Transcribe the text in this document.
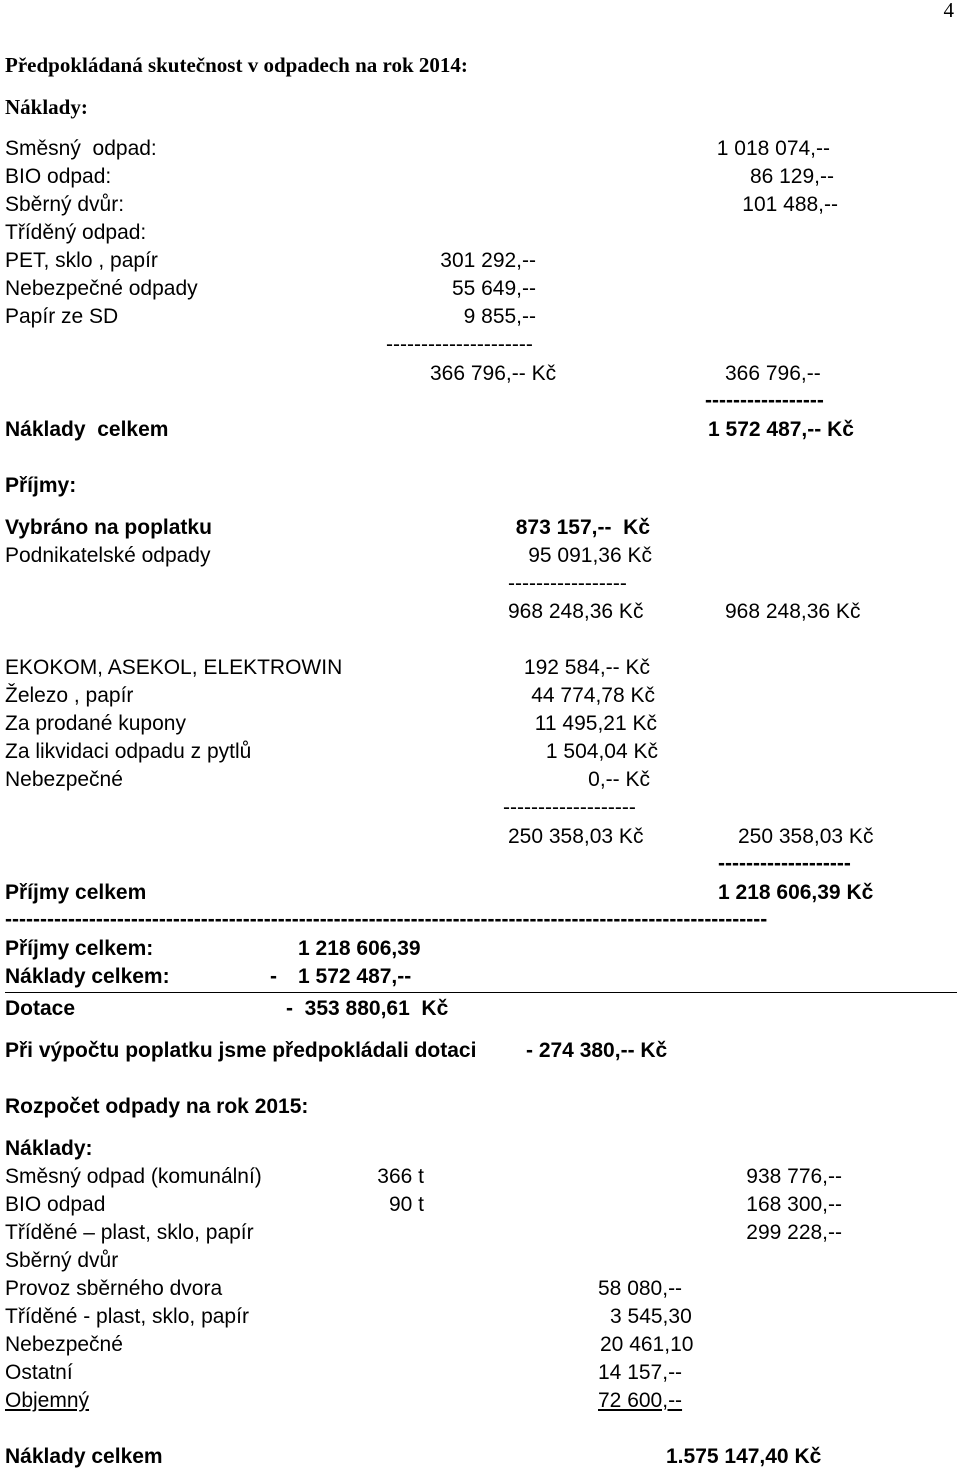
4
Předpokládaná skutečnost v odpadech na rok 2014:
Náklady:
Směsný  odpad:	1 018 074,--
BIO odpad:	86 129,--
Sběrný dvůr:	101 488,--
Tříděný odpad:
PET, sklo , papír	301 292,--
Nebezpečné odpady	55 649,--
Papír ze SD	9 855,--
---------------------
366 796,-- Kč	366 796,--
-----------------
Náklady  celkem	1 572 487,-- Kč
Příjmy:
Vybráno na poplatku	873 157,--  Kč
Podnikatelské odpady	95 091,36 Kč
-----------------
968 248,36 Kč	968 248,36 Kč
EKOKOM, ASEKOL, ELEKTROWIN	192 584,-- Kč
Železo , papír	44 774,78 Kč
Za prodané kupony	11 495,21 Kč
Za likvidaci odpadu z pytlů	1 504,04 Kč
Nebezpečné	0,-- Kč
-------------------
250 358,03 Kč	250 358,03 Kč
-------------------
Příjmy celkem	1 218 606,39 Kč
-------------------------------------------------------------------------------------------------------------
Příjmy celkem:	1 218 606,39
Náklady celkem:	- 1 572 487,--
Dotace	-  353 880,61  Kč
Při výpočtu poplatku jsme předpokládali dotaci - 274 380,-- Kč
Rozpočet odpady na rok 2015:
Náklady:
Směsný odpad (komunální)	366 t	938 776,--
BIO odpad	90 t	168 300,--
Tříděné – plast, sklo, papír	299 228,--
Sběrný dvůr
Provoz sběrného dvora	58 080,--
Tříděné - plast, sklo, papír	3 545,30
Nebezpečné	20 461,10
Ostatní	14 157,--
Objemný	72 600,--
Náklady celkem	1.575 147,40 Kč
